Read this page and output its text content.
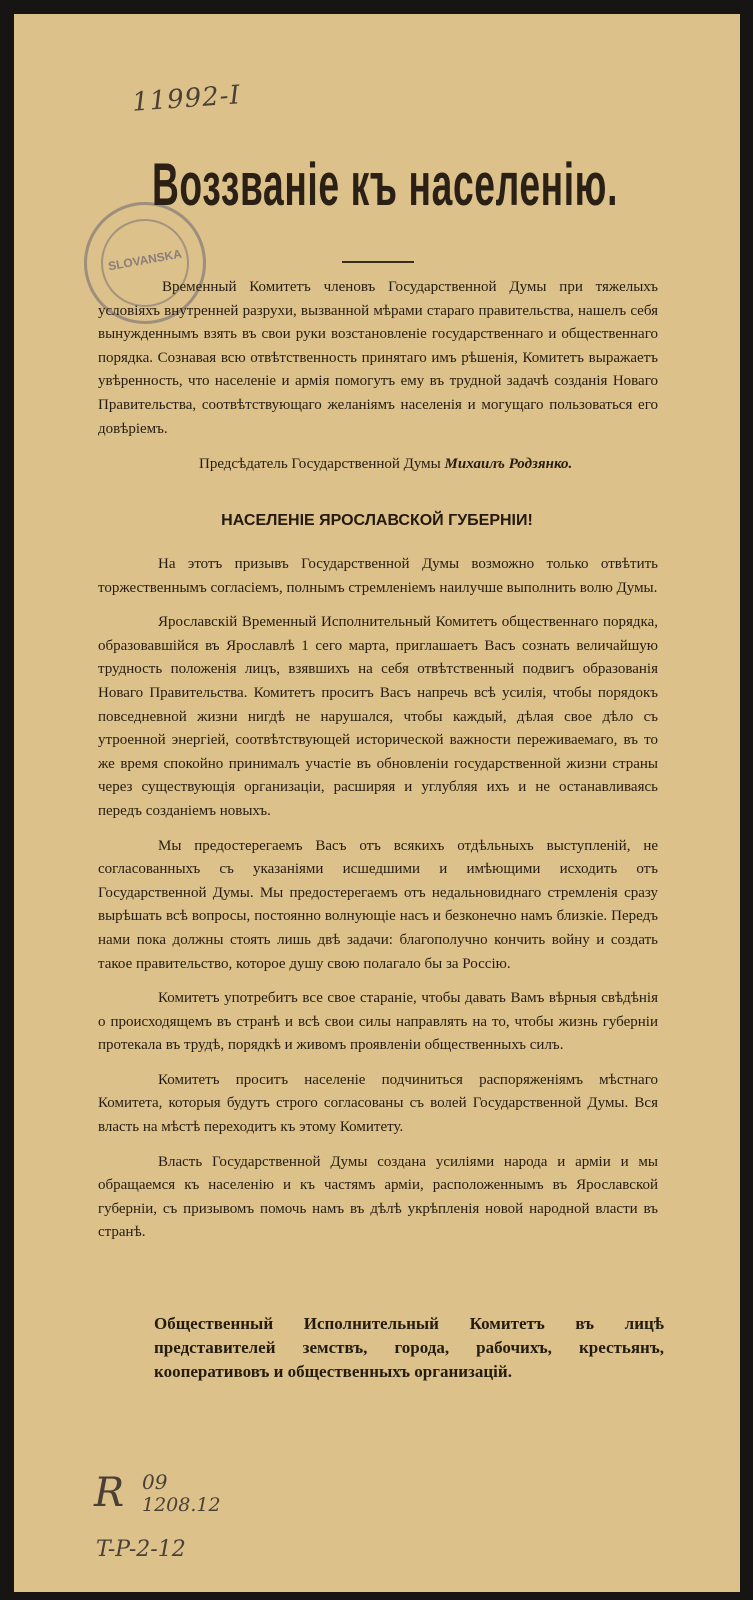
11992-I
SLOVANSKA
Воззваніе къ населенію.
Временный Комитетъ членовъ Государственной Думы при тяжелыхъ условіяхъ внутренней разрухи, вызванной мѣрами стараго правительства, нашелъ себя вынужденнымъ взять въ свои руки возстановленіе государственнаго и общественнаго порядка. Сознавая всю отвѣтственность принятаго имъ рѣшенія, Комитетъ выражаетъ увѣренность, что населеніе и армія помогутъ ему въ трудной задачѣ созданія Новаго Правительства, соотвѣтствующаго желаніямъ населенія и могущаго пользоваться его довѣріемъ.
Предсѣдатель Государственной Думы Михаилъ Родзянко.
НАСЕЛЕНІЕ ЯРОСЛАВСКОЙ ГУБЕРНІИ!

На этотъ призывъ Государственной Думы возможно только отвѣтить торжественнымъ согласіемъ, полнымъ стремленіемъ наилучше выполнить волю Думы.

Ярославскій Временный Исполнительный Комитетъ общественнаго порядка, образовавшійся въ Ярославлѣ 1 сего марта, приглашаетъ Васъ сознать величайшую трудность положенія лицъ, взявшихъ на себя отвѣтственный подвигъ образованія Новаго Правительства. Комитетъ проситъ Васъ напречь всѣ усилія, чтобы порядокъ повседневной жизни нигдѣ не нарушался, чтобы каждый, дѣлая свое дѣло съ утроенной энергіей, соотвѣтствующей исторической важности переживаемаго, въ то же время спокойно принималъ участіе въ обновленіи государственной жизни страны через существующія организаціи, расширяя и углубляя ихъ и не останавливаясь передъ созданіемъ новыхъ.

Мы предостерегаемъ Васъ отъ всякихъ отдѣльныхъ выступленій, не согласованныхъ съ указаніями исшедшими и имѣющими исходить отъ Государственной Думы. Мы предостерегаемъ отъ недальновиднаго стремленія сразу вырѣшать всѣ вопросы, постоянно волнующіе насъ и безконечно намъ близкіе. Передъ нами пока должны стоять лишь двѣ задачи: благополучно кончить войну и создать такое правительство, которое душу свою полагало бы за Россію.

Комитетъ употребитъ все свое старанiе, чтобы давать Вамъ вѣрныя свѣдѣнія о происходящемъ въ странѣ и всѣ свои силы направлять на то, чтобы жизнь губерніи протекала въ трудѣ, порядкѣ и живомъ проявленіи общественныхъ силъ.

Комитетъ проситъ населеніе подчиниться распоряженіямъ мѣстнаго Комитета, которыя будутъ строго согласованы съ волей Государственной Думы. Вся власть на мѣстѣ переходитъ къ этому Комитету.

Власть Государственной Думы создана усиліями народа и арміи и мы обращаемся къ населенію и къ частямъ арміи, расположеннымъ въ Ярославской губерніи, съ призывомъ помочь намъ въ дѣлѣ укрѣпленія новой народной власти въ странѣ.

Общественный Исполнительный Комитетъ въ лицѣ представителей земствъ, города, рабочихъ, крестьянъ, кооперативовъ и общественныхъ организацій.
R 09
1208.12
T-P-2-12
